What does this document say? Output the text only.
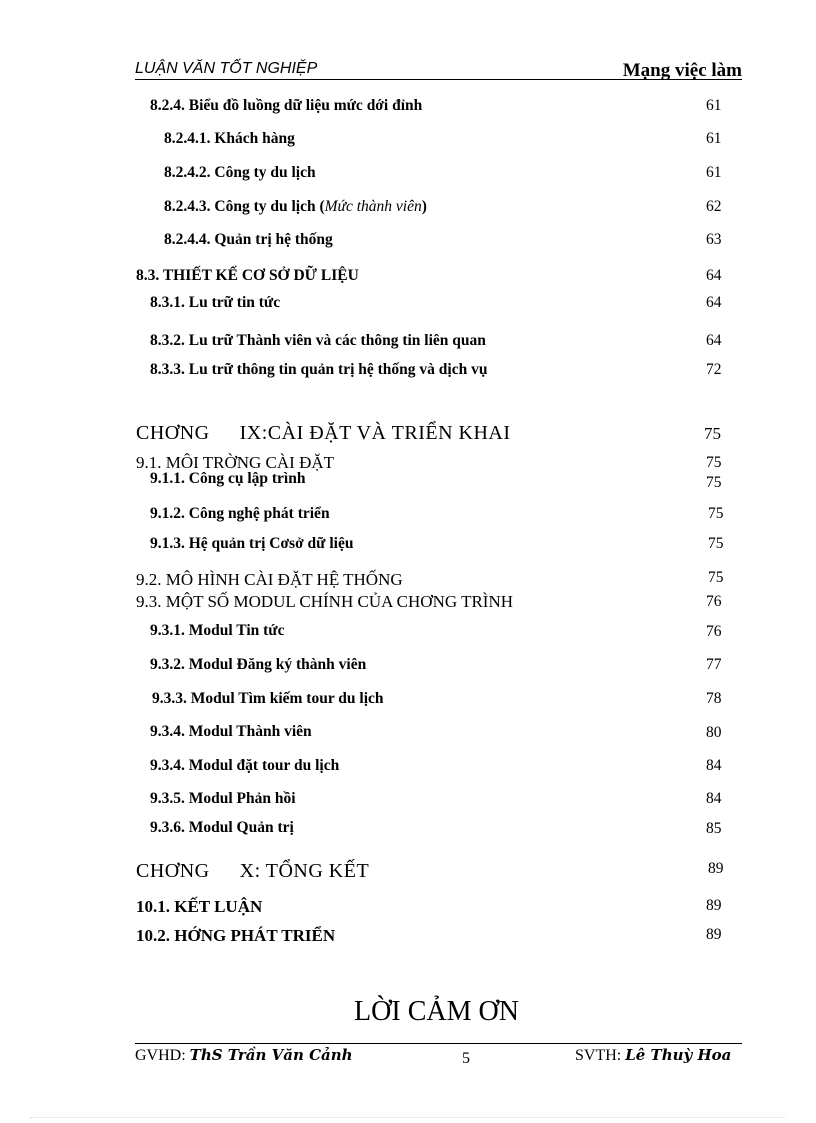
LUẬN VĂN TỐT NGHIỆP	Mạng việc làm
8.2.4. Biểu đồ luồng dữ liệu mức dới đỉnh	61
8.2.4.1. Khách hàng	61
8.2.4.2. Công ty du lịch	61
8.2.4.3. Công ty du lịch (Mức thành viên)	62
8.2.4.4. Quản trị hệ thống	63
8.3. THIẾT KẾ CƠ SỞ DỮ LIỆU	64
8.3.1. Lu trữ tin tức	64
8.3.2. Lu trữ Thành viên và các thông tin liên quan	64
8.3.3. Lu trữ thông tin quản trị hệ thống và dịch vụ	72
CHƠNG IX:CÀI ĐẶT VÀ TRIỂN KHAI	75
9.1. MÔI TRỜNG CÀI ĐẶT	75
9.1.1. Công cụ lập trình	75
9.1.2. Công nghệ phát triển	75
9.1.3. Hệ quản trị Cơsở dữ liệu	75
9.2. MÔ HÌNH CÀI ĐẶT HỆ THỐNG	75
9.3. MỘT SỐ MODUL CHÍNH CỦA CHƠNG TRÌNH	76
9.3.1. Modul Tin tức	76
9.3.2. Modul Đăng ký thành viên	77
9.3.3. Modul Tìm kiếm tour du lịch	78
9.3.4. Modul Thành viên	80
9.3.4. Modul đặt tour du lịch	84
9.3.5. Modul Phản hồi	84
9.3.6. Modul Quản trị	85
CHƠNG X: TỔNG KẾT	89
10.1. KẾT LUẬN	89
10.2. HỚNG PHÁT TRIỂN	89
LỜI CẢM ƠN
GVHD: ThS Trần Văn Cảnh	5	SVTH: Lê Thuỳ Hoa
